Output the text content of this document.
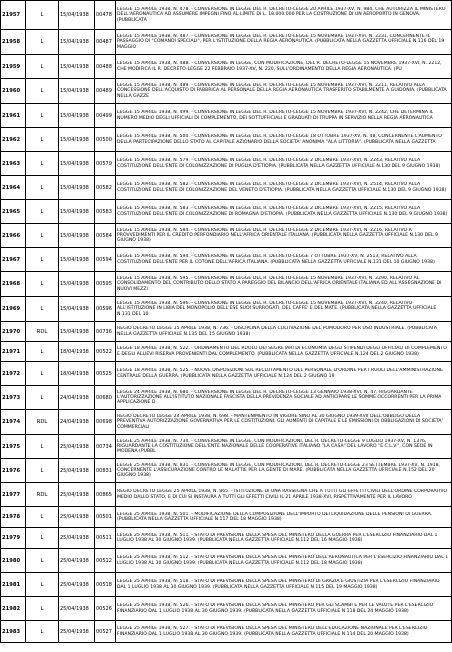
21957	L	15/04/1938	00478	LEGGE 15 APRILE 1938, N. 478. - CONVERSIONE IN LEGGE DEL R. DECRETO-LEGGE 20 APRILE 1937-XV, N. 984, CHE AUTORIZZA IL MINISTERO DELL'AERONAUTICA AD ASSUMERE IMPEGNI FINO AL LIMITE DI L. 18.000.000 PER LA COSTRUZIONE DI UN AEROPORTO IN GENOVA. (PUBBLICATA

21958	L	15/04/1938	00487	LEGGE 15 APRILE 1938, N. 487. - CONVERSIONE IN LEGGE DEL R. DECRETO-LEGGE 15 NOVEMBRE 1937-XVI, N. 2231, CONCERNENTE IL PASSAGGIO DI "COMANDI SPECIALI", PER L'ISTITUZIONE DELLA REGIA AERONAUTICA. (PUBBLICATA NELLA GAZZETTA UFFICIALE N.116 DEL 19 MAGGIO

21959	L	15/04/1938	00488	LEGGE 15 APRILE 1938, N. 488. - CONVERSIONE IN LEGGE, CON MODIFICAZIONE, DEL R. DECRETO-LEGGE 15 NOVEMBRE 1937-XVI, N. 2212, CHE MODIFICA IL R. DECRETO-LEGGE 22 FEBBRAIO 1937-XV, N. 220, SULL'ORDINAMENTO DELLA REGIA AERONAUTICA. (PU

21960	L	15/04/1938	00489	LEGGE 15 APRILE 1938, N. 489. - CONVERSIONE IN LEGGE DEL R. DECRETO-LEGGE 15 NOVEMBRE 1937-XVI, N. 2211, RELATIVO ALLA CONCESSIONE DELL'ACQUISTO DI FABBRICA AL PERSONALE DELLA REGIA AERONAUTICA TRASFERITO STABILMENTE A GUIDONIA. (PUBBLICATA NELLA GAZZE

21961	L	15/04/1938	00499	LEGGE 15 APRILE 1938, N. 499. - CONVERSIONE IN LEGGE DEL R. DECRETO-LEGGE 15 NOVEMBRE 1937-XVI, N. 2242, CHE DETERMINA IL NUMERO MEDIO DEGLI UFFICIALI DI COMPLEMENTO, DEI SOTTUFFICIALI E GRADUATI DI TRUPPA IN SERVIZIO NELLA REGIA AERONAUTICA

21962	L	15/04/1938	00500	LEGGE 15 APRILE 1938, N. 500. - CONVERSIONE IN LEGGE DEL R. DECRETO-LEGGE 18 OTTOBRE 1937-XV, N. 48, CONCERNENTE L'AUMENTO DELLA PARTECIPAZIONE DELLO STATO AL CAPITALE AZIONARIO DELLA SOCIETA' ANONIMA "ALA LITTORIA". (PUBBLICATA NELLA GAZZETTA

21963	L	15/04/1938	00579	LEGGE 15 APRILE 1938, N. 579. - CONVERSIONE IN LEGGE DEL R. DECRETO-LEGGE 2 DICEMBRE 1937-XVI, N. 2243, RELATIVO ALLA COSTITUZIONE DELL'ENTE DI COLONIZZAZIONE DI PUGLIA D'ETIOPIA. (PUBBLICATA NELLA GAZZETTA UFFICIALE N.130 DEL 9 GIUGNO 1938)

21964	L	15/04/1938	00582	LEGGE 15 APRILE 1938, N. 582. - CONVERSIONE IN LEGGE DEL R. DECRETO-LEGGE 2 DICEMBRE 1937-XVI, N. 2514, RELATIVO ALLA COSTITUZIONE DELL'ENTE DI COLONIZZAZIONE DEL VENETO D'ETIOPIA. (PUBBLICATA NELLA GAZZETTA UFFICIALE N.130 DEL 9 GIUGNO 1938)

21965	L	15/04/1938	00583	LEGGE 15 APRILE 1938, N. 583. - CONVERSIONE IN LEGGE DEL R. DECRETO-LEGGE 2 DICEMBRE 1937-XVI, N. 2215, RELATIVO ALLA COSTITUZIONE DELL'ENTE DI COLONIZZAZIONE DI ROMAGNA D'ETIOPIA. (PUBBLICATA NELLA GAZZETTA UFFICIALE N.130 DEL 9 GIUGNO 1938)

21966	L	15/04/1938	00584	LEGGE 15 APRILE 1938, N. 584. - CONVERSIONE IN LEGGE DEL R. DECRETO-LEGGE 2 DICEMBRE 1937-XVI, N. 2216, RELATIVO A PROVVEDIMENTI PER IL CREDITO PERFONDIARIO NELL'AFRICA ORIENTALE ITALIANA. (PUBBLICATA NELLA GAZZETTA UFFICIALE N.130 DEL 9 GIUGNO 1938)

21967	L	15/04/1938	00594	LEGGE 15 APRILE 1938, N. 594. - CONVERSIONE IN LEGGE DEL R. DECRETO-LEGGE 7 OTTOBRE 1937-XV, N. 2513, RELATIVO ALLA COSTITUZIONE DELL'ENTE PER IL COTONE DELL'AFRICA ITALIANA. (PUBBLICATA NELLA GAZZETTA UFFICIALE N.131 DEL 10 GIUGNO 1938)

21968	L	15/04/1938	00595	LEGGE 15 APRILE 1938, N. 595. - CONVERSIONE IN LEGGE DEL R. DECRETO-LEGGE 15 NOVEMBRE 1937-XVI, N. 2290, RELATIVO AL CONSOLIDAMENTO DEL CONTRIBUTO DELLO STATO A PAREGGIO DEL BILANCIO DELL'AFRICA ORIENTALE ITALIANA ED ALL'ASSEGNAZIONE DI NUOVI MEZZI

21969	L	15/04/1938	00596	LEGGE 15 APRILE 1938, N. 596. - CONVERSIONE IN LEGGE DEL R. DECRETO-LEGGE 15 NOVEMBRE 1937-XVI, N. 2240, RELATIVO ALL'ISTITUZIONE IN LIBIA DEL MONOPOLIO DELL'ESE SUOI SURROGATI, DEL CAFFE' E DEL MATE. (PUBBLICATA NELLA GAZZETTA UFFICIALE N.131 DEL 10

21970	RDL	15/04/1938	00736	REGIO DECRETO LEGGE 15 APRILE 1938, N. 736. - DISCIPLINA DELLA COLTIVAZIONE DEL POMODORO PER USO INDUSTRIALE. (PUBBLICATA NELLA GAZZETTA UFFICIALE N.135 DEL 15 GIUGNO 1938)

21971	L	18/04/1938	00522	LEGGE 18 APRILE 1938, N. 522. - ORDINAMENTO DEL RUOLO DEI SEGRETARI DI ECONOMIA DEGLI STIPENDI DEGLI UFFICIALI DI COMPLEMENTO E DEGLI ALLIEVI RISERVA PROVENIENTI DAL COMPLEMENTO. (PUBBLICATA NELLA GAZZETTA UFFICIALE N.124 DEL 2 GIUGNO 1938)

21972	L	18/04/1938	00525	LEGGE 18 APRILE 1938, N. 525. - NUOVE DISPOSIZIONI SUL RECLUTAMENTO DEL PERSONALE D'ORDINE PER I RUOLI DELL'AMMINISTRAZIONE CENTRALE DELLA GUERRA. (PUBBLICATA NELLA GAZZETTA UFFICIALE N.124 DEL 2 GIUGNO 19

21973	L	24/04/1938	00680	LEGGE 24 APRILE 1938, N. 680. - CONVERSIONE IN LEGGE DEL R. DECRETO-LEGGE 13 GENNAIO 1938-XVI, N. 47, RIGUARDANTE L'AUTORIZZAZIONE ALL'ISTITUTO NAZIONALE FASCISTA DELLA PREVIDENZA SOCIALE AD ANTICIPARE LE SOMME OCCORRENTI PER LA PRIMA APPLICAZIONE D

21974	RDL	24/04/1938	00698	REGIO DECRETO LEGGE 24 APRILE 1938, N. 698. - MANTENIMENTO IN VIGORE SINO AL 30 GIUGNO 1939-XVII DELL'OBBLIGO DELLA PREVENTIVA AUTORIZZAZIONE GOVERNATIVA PER LE COSTITUZIONI, GLI AUMENTI DI CAPITALE E LE EMISSIONI DI OBBLIGAZIONI DI SOCIETA' COMMERCIALI

21975	L	25/04/1938	00734	LEGGE 25 APRILE 1938, N. 734. - CONVERSIONE IN LEGGE, CON MODIFICAZIONI, DEL R. DECRETO-LEGGE 9 LUGLIO 1937-XV, N. 1376, RIGUARDANTE LA COSTITUZIONE DELL'ENTE NAZIONALE DELLE COOPERATIVE ITALIANO "LA CASA" DEL LAVORO "E.C.L.V.", CON SEDE IN MODENA (PUBBL

21976	L	25/04/1938	00831	LEGGE 25 APRILE 1938, N. 831. - CONVERSIONE IN LEGGE, CON MODIFICAZIONI, DEL R. DECRETO-LEGGE 23 SETTEMBRE 1937-XV, N. 1918, CONCERNENTE L'ASSICURAZIONE CONTRO LE MALATTIE PER LA GENTE DI MARE. (PUBBLICATA NELLA GAZZETTA UFFICIALE N.152 DEL 20 GIUGNO 1938)

21977	RDL	25/04/1938	00865	REGIO DECRETO LEGGE 25 APRILE 1938, N. 865. - ISTITUZIONE DI UNA RASSEGNA CHE A TUTTI GLI EFFETTI CIVILI DELL'ORDINE CORPORATIVO MEDIO DALLO STATO, E DI CUI SI INSTAURA A TUTTI GLI EFFETTI CIVILI IL 21 APRILE 1938-XVI, RISPETTIVAMENTE PER IL LAVORO

21978	L	25/04/1938	00501	LEGGE 25 APRILE 1938, N. 501. - MODIFICAZIONE DELLA COMPOSIZIONE DELL'IMPORTO DEI LIQUIDAZIONE DELLE PENSIONI DI GUERRA. (PUBBLICATA NELLA GAZZETTA UFFICIALE N.117 DEL 18 MAGGIO 1938)

21979	L	25/04/1938	00511	LEGGE 25 APRILE 1938, N. 511. - STATO DI PREVISIONE DELLA SPESA DEL MINISTERO DELLA GUERRA PER L'ESERCIZIO FINANZIARIO DAL 1 LUGLIO 1938 AL 30 GIUGNO 1939. (PUBBLICATA NELLA GAZZETTA UFFICIALE N.112 DEL 16 MAGGIO 1938)

21980	L	25/04/1938	00512	LEGGE 25 APRILE 1938, N. 512. - STATO DI PREVISIONE DELLA SPESA DEL MINISTERO DELL'AERONAUTICA PER L'ESERCIZIO FINANZIARIO DAL 1 LUGLIO 1938 AL 30 GIUGNO 1939. (PUBBLICATA NELLA GAZZETTA UFFICIALE N.112 DEL 18 MAGGIO 1938)

21981	L	25/04/1938	00518	LEGGE 25 APRILE 1938, N. 518. - STATO DI PREVISIONE DELLA SPESA DEL MINISTERO DI GRAZIA E GIUSTIZIA PER L'ESERCIZIO FINANZIARIO DAL 1 LUGLIO 1938 AL 30 GIUGNO 1939. (PUBBLICATA NELLA GAZZETTA UFFICIALE N.115 DEL 19 MAGGIO 1938)

21982	L	25/04/1938	00526	LEGGE 25 APRILE 1938, N. 526. - STATO DI PREVISIONE DELLA SPESA DEL MINISTERO PER GLI SCAMBI E PER LE VALUTE PER L'ESERCIZIO FINANZIARIO DAL 1 LUGLIO 1938 AL 30 GIUGNO 1939. (PUBBLICATA NELLA GAZZETTA UFFICIALE N.118 DEL 24 MAGGIO 1938)

21983	L	25/04/1938	00527	LEGGE 25 APRILE 1938, N. 527. - STATO DI PREVISIONE DELLA SPESA DEL MINISTERO DELL'EDUCAZIONE NAZIONALE PER L'ESERCIZIO FINANZIARIO DAL 1 LUGLIO 1938 AL 30 GIUGNO 1939. (PUBBLICATA NELLA GAZZETTA UFFICIALE N.114 DEL 20 MAGGIO 1938)
